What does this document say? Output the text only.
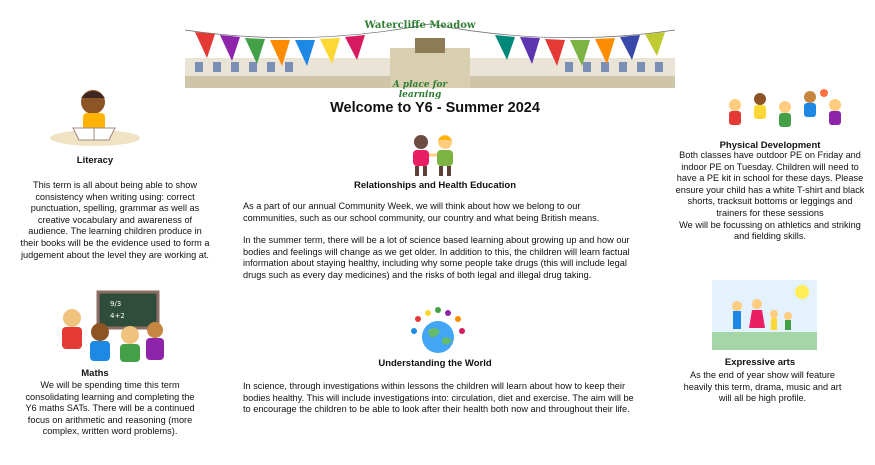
Watercliffe Meadow
A place for learning
Welcome to Y6 - Summer 2024
Literacy
This term is all about being able to show consistency when writing using: correct punctuation, spelling, grammar as well as creative vocabulary and awareness of audience. The learning children produce in their books will be the evidence used to form a judgement about the level they are working at.
9/3
4+2
Maths
We will be spending time this term consolidating learning and completing the Y6 maths SATs. There will be a continued focus on arithmetic and reasoning (more complex, written word problems).
Relationships and Health Education
As a part of our annual Community Week, we will think about how we belong to our communities, such as our school community, our country and what being British means.
In the summer term, there will be a lot of science based learning about growing up and how our bodies and feelings will change as we get older. In addition to this, the children will learn factual information about staying healthy, including why some people take drugs (this will include legal drugs such as every day medicines) and the risks of both legal and illegal drug taking.
Understanding the World
In science, through investigations within lessons the children will learn about how to keep their bodies healthy. This will include investigations into: circulation, diet and exercise. The aim will be to encourage the children to be able to look after their health both now and throughout their life.
Physical Development
Both classes have outdoor PE on Friday and indoor PE on Tuesday. Children will need to have a PE kit in school for these days. Please ensure your child has a white T-shirt and black shorts, tracksuit bottoms or leggings and trainers for these sessions
We will be focussing on athletics and striking and fielding skills.
Expressive arts
As the end of year show will feature heavily this term, drama, music and art will all be high profile.
